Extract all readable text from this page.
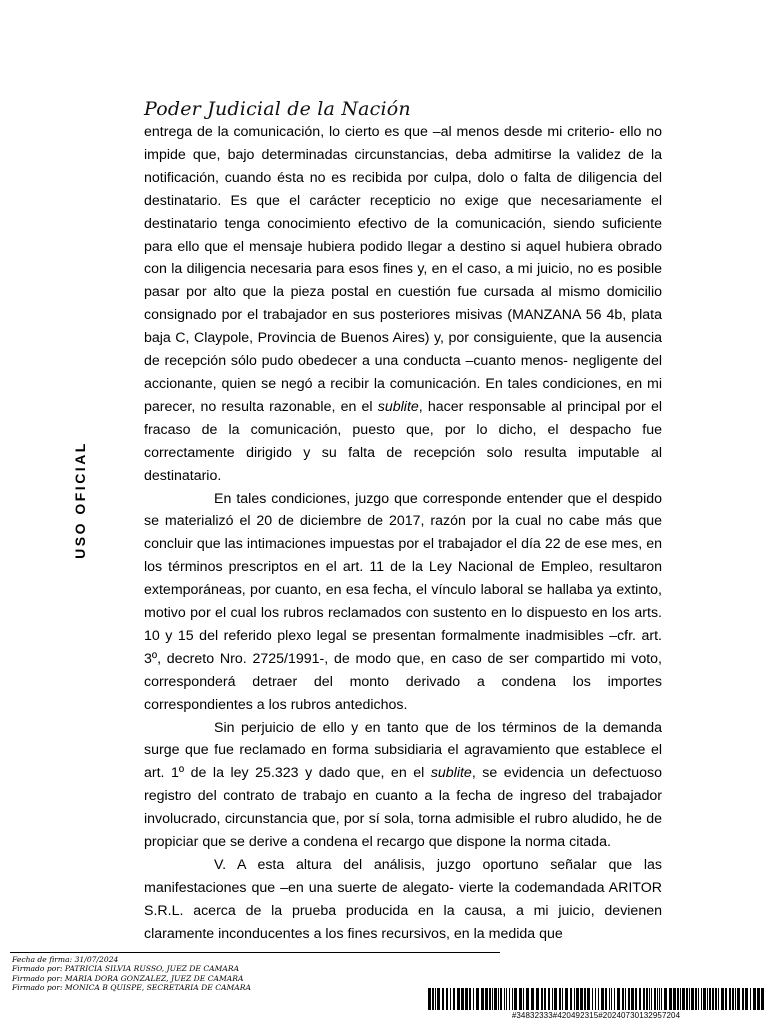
Poder Judicial de la Nación
USO OFICIAL

entrega de la comunicación, lo cierto es que –al menos desde mi criterio- ello no impide que, bajo determinadas circunstancias, deba admitirse la validez de la notificación, cuando ésta no es recibida por culpa, dolo o falta de diligencia del destinatario. Es que el carácter recepticio no exige que necesariamente el destinatario tenga conocimiento efectivo de la comunicación, siendo suficiente para ello que el mensaje hubiera podido llegar a destino si aquel hubiera obrado con la diligencia necesaria para esos fines y, en el caso, a mi juicio, no es posible pasar por alto que la pieza postal en cuestión fue cursada al mismo domicilio consignado por el trabajador en sus posteriores misivas (MANZANA 56 4b, plata baja C, Claypole, Provincia de Buenos Aires) y, por consiguiente, que la ausencia de recepción sólo pudo obedecer a una conducta –cuanto menos- negligente del accionante, quien se negó a recibir la comunicación. En tales condiciones, en mi parecer, no resulta razonable, en el sublite, hacer responsable al principal por el fracaso de la comunicación, puesto que, por lo dicho, el despacho fue correctamente dirigido y su falta de recepción solo resulta imputable al destinatario.

En tales condiciones, juzgo que corresponde entender que el despido se materializó el 20 de diciembre de 2017, razón por la cual no cabe más que concluir que las intimaciones impuestas por el trabajador el día 22 de ese mes, en los términos prescriptos en el art. 11 de la Ley Nacional de Empleo, resultaron extemporáneas, por cuanto, en esa fecha, el vínculo laboral se hallaba ya extinto, motivo por el cual los rubros reclamados con sustento en lo dispuesto en los arts. 10 y 15 del referido plexo legal se presentan formalmente inadmisibles –cfr. art. 3º, decreto Nro. 2725/1991-, de modo que, en caso de ser compartido mi voto, corresponderá detraer del monto derivado a condena los importes correspondientes a los rubros antedichos.

Sin perjuicio de ello y en tanto que de los términos de la demanda surge que fue reclamado en forma subsidiaria el agravamiento que establece el art. 1º de la ley 25.323 y dado que, en el sublite, se evidencia un defectuoso registro del contrato de trabajo en cuanto a la fecha de ingreso del trabajador involucrado, circunstancia que, por sí sola, torna admisible el rubro aludido, he de propiciar que se derive a condena el recargo que dispone la norma citada.

V. A esta altura del análisis, juzgo oportuno señalar que las manifestaciones que –en una suerte de alegato- vierte la codemandada ARITOR S.R.L. acerca de la prueba producida en la causa, a mi juicio, devienen claramente inconducentes a los fines recursivos, en la medida que

Fecha de firma: 31/07/2024
Firmado por: PATRICIA SILVIA RUSSO, JUEZ DE CAMARA
Firmado por: MARIA DORA GONZALEZ, JUEZ DE CAMARA
Firmado por: MONICA B QUISPE, SECRETARIA DE CAMARA
#34832333#420492315#20240730132957204
